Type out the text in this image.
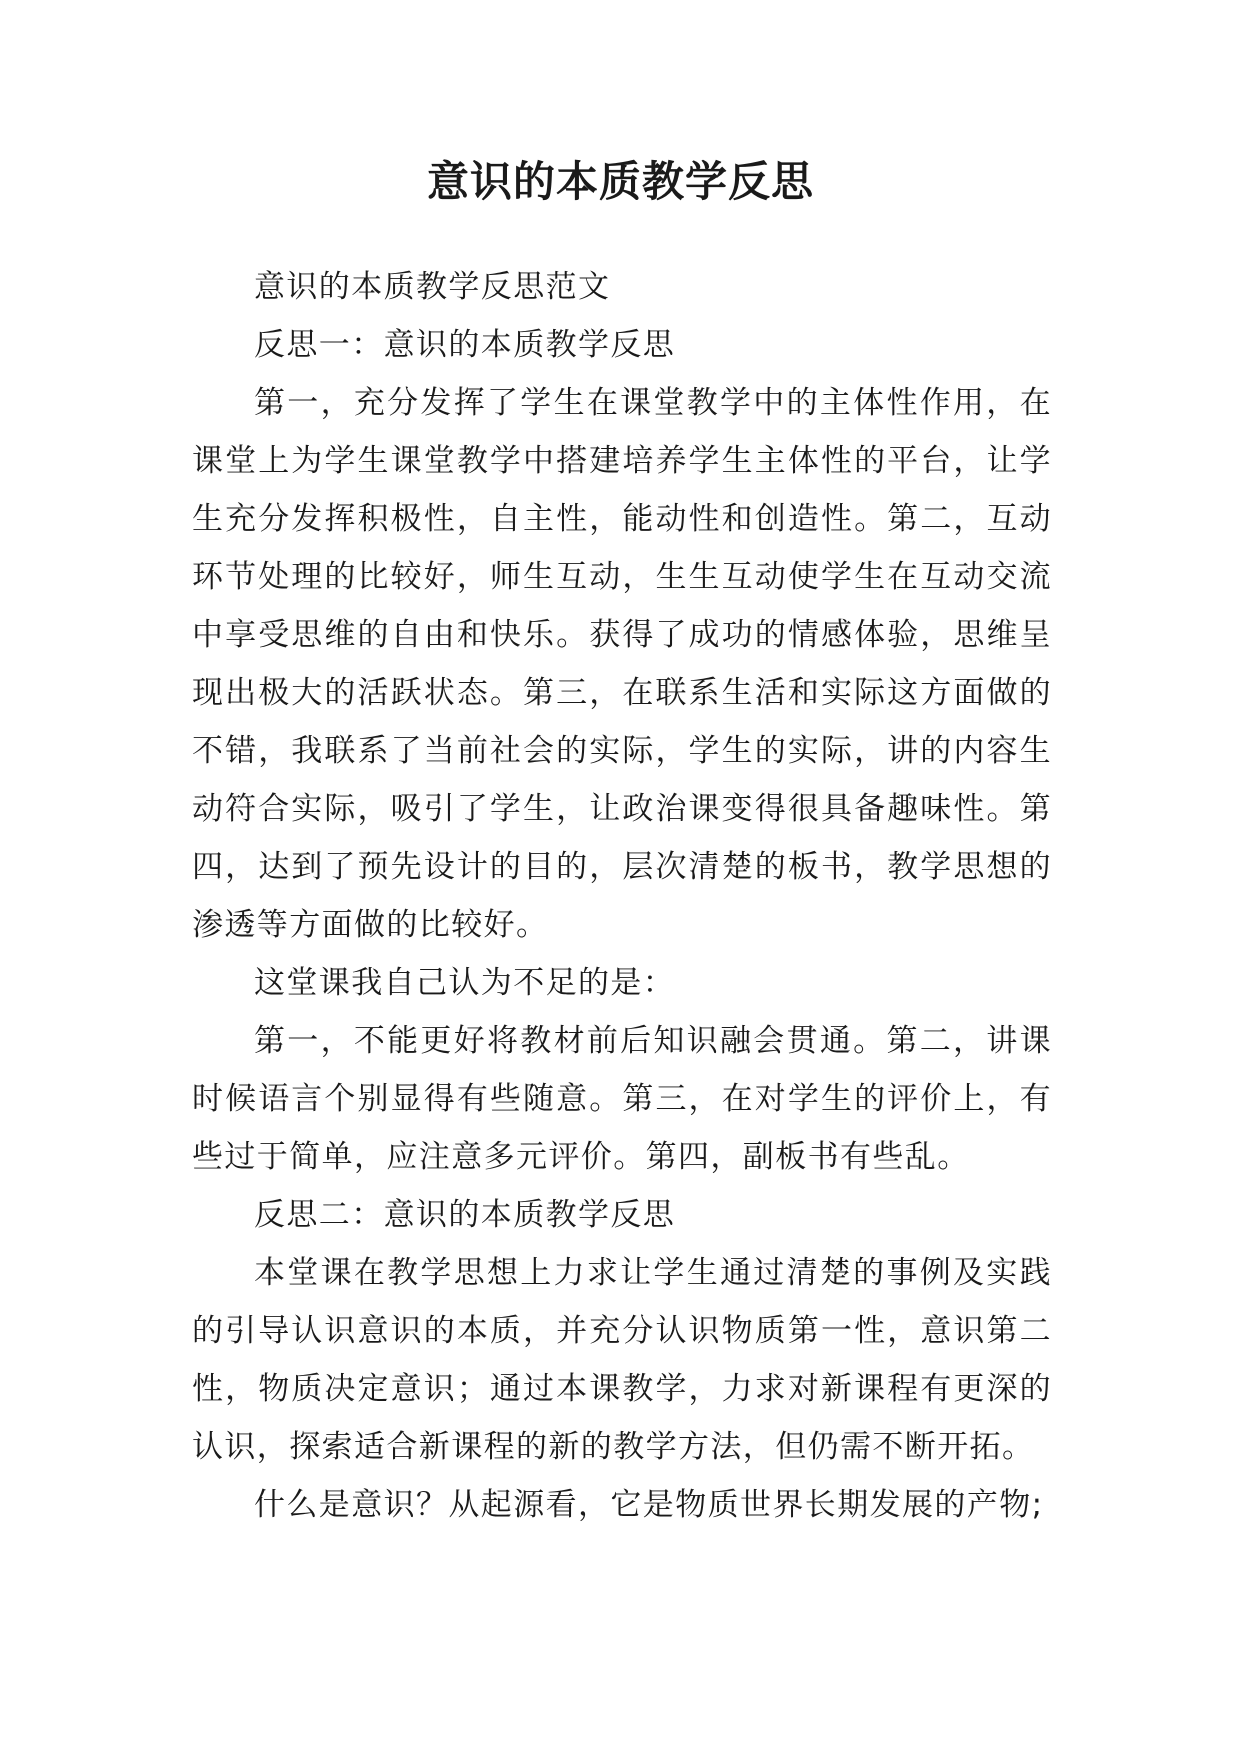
意识的本质教学反思

意识的本质教学反思范文

反思一：意识的本质教学反思

第一，充分发挥了学生在课堂教学中的主体性作用，在课堂上为学生课堂教学中搭建培养学生主体性的平台，让学生充分发挥积极性，自主性，能动性和创造性。第二，互动环节处理的比较好，师生互动，生生互动使学生在互动交流中享受思维的自由和快乐。获得了成功的情感体验，思维呈现出极大的活跃状态。第三，在联系生活和实际这方面做的不错，我联系了当前社会的实际，学生的实际，讲的内容生动符合实际，吸引了学生，让政治课变得很具备趣味性。第四，达到了预先设计的目的，层次清楚的板书，教学思想的渗透等方面做的比较好。

这堂课我自己认为不足的是：

第一，不能更好将教材前后知识融会贯通。第二，讲课时候语言个别显得有些随意。第三，在对学生的评价上，有些过于简单，应注意多元评价。第四，副板书有些乱。

反思二：意识的本质教学反思

本堂课在教学思想上力求让学生通过清楚的事例及实践的引导认识意识的本质，并充分认识物质第一性，意识第二性，物质决定意识；通过本课教学，力求对新课程有更深的认识，探索适合新课程的新的教学方法，但仍需不断开拓。

什么是意识？从起源看，它是物质世界长期发展的产物;
